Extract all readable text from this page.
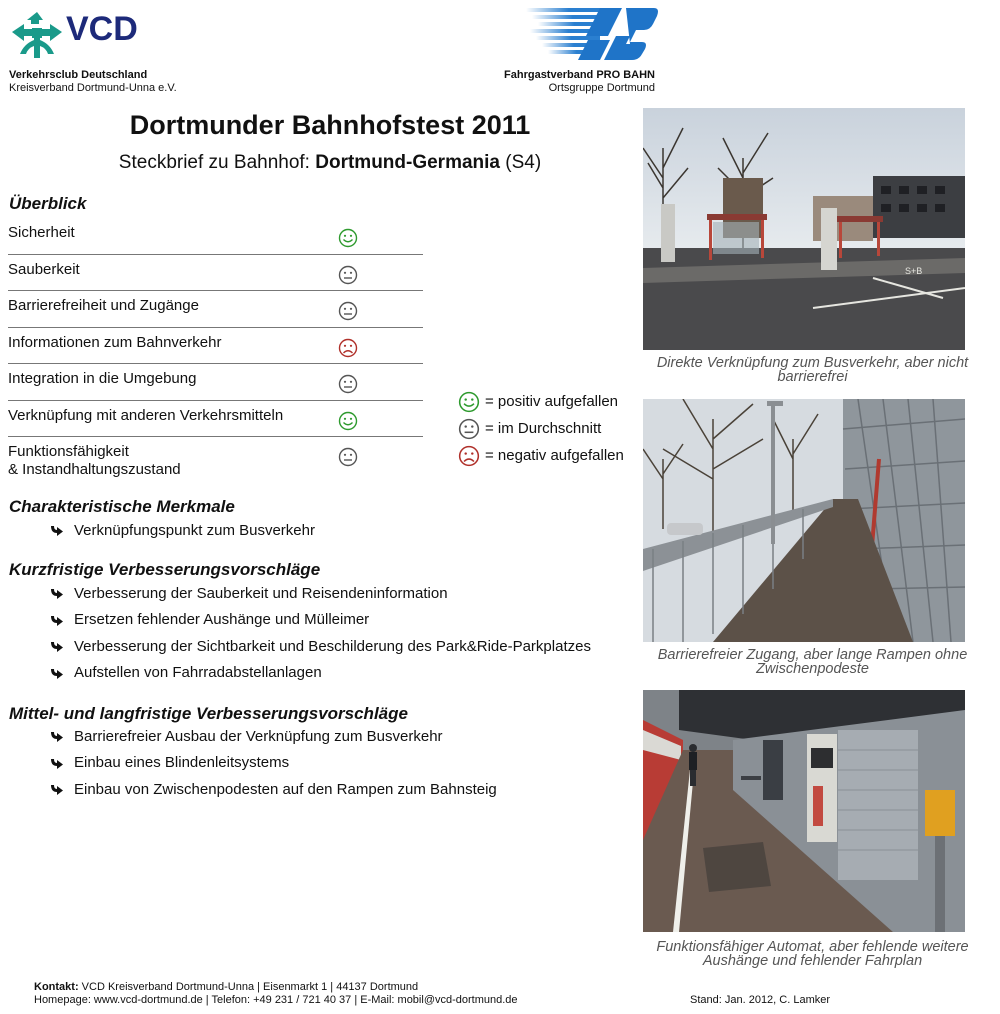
VCD
Verkehrsclub Deutschland
Kreisverband Dortmund-Unna e.V.
Fahrgastverband PRO BAHN
Ortsgruppe Dortmund
Dortmunder Bahnhofstest 2011
Steckbrief zu Bahnhof: Dortmund-Germania (S4)
Überblick
Sicherheit
Sauberkeit
Barrierefreiheit und Zugänge
Informationen zum Bahnverkehr
Integration in die Umgebung
Verknüpfung mit anderen Verkehrsmitteln
Funktionsfähigkeit
& Instandhaltungszustand
= positiv aufgefallen
= im Durchschnitt
= negativ aufgefallen
Charakteristische Merkmale
Verknüpfungspunkt zum Busverkehr
Kurzfristige Verbesserungsvorschläge
Verbesserung der Sauberkeit und Reisendeninformation
Ersetzen fehlender Aushänge und Mülleimer
Verbesserung der Sichtbarkeit und Beschilderung des Park&Ride-Parkplatzes
Aufstellen von Fahrradabstellanlagen
Mittel- und langfristige Verbesserungsvorschläge
Barrierefreier Ausbau der Verknüpfung zum Busverkehr
Einbau eines Blindenleitsystems
Einbau von Zwischenpodesten auf den Rampen zum Bahnsteig
S+B
Direkte Verknüpfung zum Busverkehr, aber nicht
barrierefrei
Barrierefreier Zugang, aber lange Rampen ohne
Zwischenpodeste
Funktionsfähiger Automat, aber fehlende weitere
Aushänge und fehlender Fahrplan
Kontakt: VCD Kreisverband Dortmund-Unna | Eisenmarkt 1 | 44137 Dortmund
Homepage: www.vcd-dortmund.de | Telefon: +49 231 / 721 40 37 | E-Mail: mobil@vcd-dortmund.de	Stand: Jan. 2012, C. Lamker
